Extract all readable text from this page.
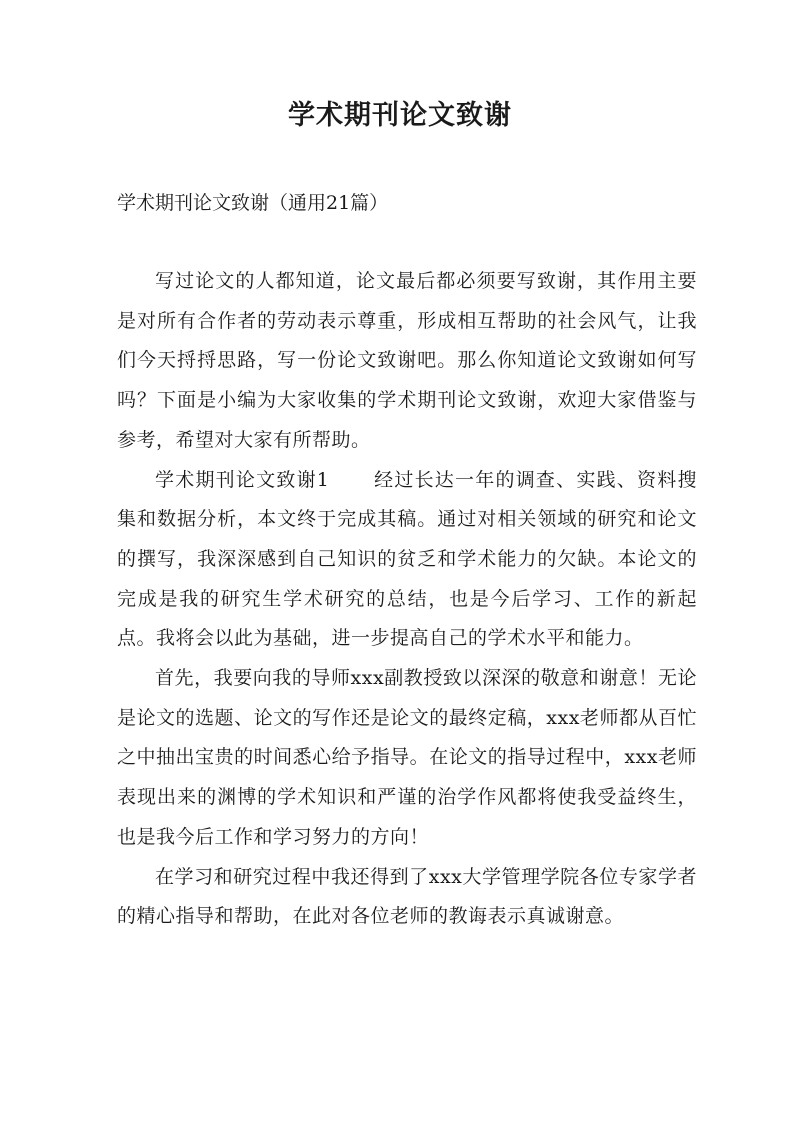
学术期刊论文致谢

学术期刊论文致谢（通用21篇）

写过论文的人都知道，论文最后都必须要写致谢，其作用主要是对所有合作者的劳动表示尊重，形成相互帮助的社会风气，让我们今天捋捋思路，写一份论文致谢吧。那么你知道论文致谢如何写吗？下面是小编为大家收集的学术期刊论文致谢，欢迎大家借鉴与参考，希望对大家有所帮助。

学术期刊论文致谢1 经过长达一年的调查、实践、资料搜集和数据分析，本文终于完成其稿。通过对相关领域的研究和论文的撰写，我深深感到自己知识的贫乏和学术能力的欠缺。本论文的完成是我的研究生学术研究的总结，也是今后学习、工作的新起点。我将会以此为基础，进一步提高自己的学术水平和能力。

首先，我要向我的导师xxx副教授致以深深的敬意和谢意！无论是论文的选题、论文的写作还是论文的最终定稿，xxx老师都从百忙之中抽出宝贵的时间悉心给予指导。在论文的指导过程中，xxx老师表现出来的渊博的学术知识和严谨的治学作风都将使我受益终生，也是我今后工作和学习努力的方向！

在学习和研究过程中我还得到了xxx大学管理学院各位专家学者的精心指导和帮助，在此对各位老师的教诲表示真诚谢意。
